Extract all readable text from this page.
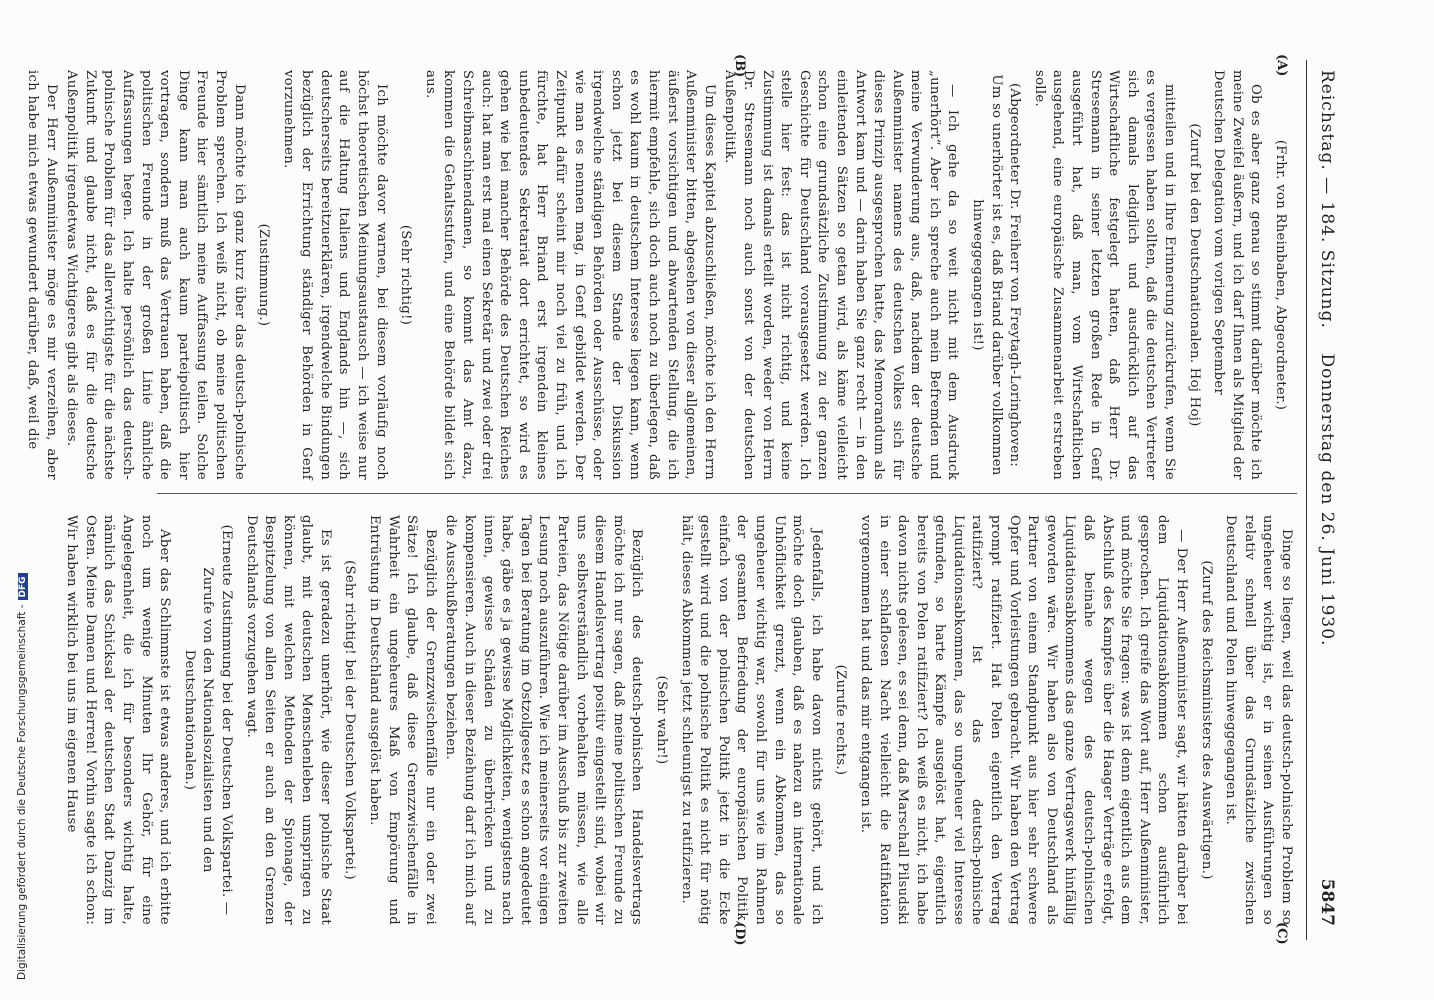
Reichstag. — 184. Sitzung.
Donnerstag den 26. Juni 1930.
5847

(Frhr. von Rheinbaben, Abgeordneter.)

Ob es aber ganz genau so stimmt darüber möchte ich meine Zweifel äußern, und ich darf Ihnen als Mitglied der Deutschen Delegation vom vorigen September

(Zuruf bei den Deutschnationalen. Hoj Hoj)

mitteilen und in Ihre Erinnerung zurückrufen, wenn Sie es vergessen haben sollten, daß die deutschen Vertreter sich damals lediglich und ausdrücklich auf das Wirtschaftliche festgelegt hatten, daß Herr Dr. Stresemann in seiner letzten großen Rede in Genf ausgeführt hat, daß man, vom Wirtschaftlichen ausgehend, eine europäische Zusammenarbeit erstreben solle.

(Abgeordneter Dr. Freiherr von Freytagh-Loringhoven: Um so unerhörter ist es, daß Briand darüber vollkommen hinweggegangen ist!)

— Ich gehe da so weit nicht mit dem Ausdruck „unerhört“. Aber ich spreche auch mein Befremden und meine Verwunderung aus, daß, nachdem der deutsche Außenminister namens des deutschen Volkes sich für dieses Prinzip ausgesprochen hatte, das Memorandum als Antwort kam und — darin haben Sie ganz recht — in den einleitenden Sätzen so getan wird, als käme vielleicht schon eine grundsätzliche Zustimmung zu der ganzen Geschichte für Deutschland vorausgesetzt werden. Ich stelle hier fest: das ist nicht richtig, und keine Zustimmung ist damals erteilt worden, weder von Herrn Dr. Stresemann noch auch sonst von der deutschen Außenpolitik.

Um dieses Kapitel abzuschließen, möchte ich den Herrn Außenminister bitten, abgesehen von dieser allgemeinen, äußerst vorsichtigen und abwartenden Stellung, die ich hiermit empfehle, sich doch auch noch zu überlegen, daß es wohl kaum in deutschem Interesse liegen kann, wenn schon jetzt bei diesem Stande der Diskussion irgendwelche ständigen Behörden oder Ausschüsse, oder wie man es nennen mag, in Genf gebildet werden. Der Zeitpunkt dafür scheint mir noch viel zu früh, und ich fürchte, hat Herr Briand erst irgendein kleines unbedeutendes Sekretariat dort errichtet, so wird es gehen wie bei mancher Behörde des Deutschen Reiches auch: hat man erst mal einen Sekretär und zwei oder drei Schreibmaschinendamen, so kommt das Amt dazu, kommen die Gehaltsstufen, und eine Behörde bildet sich aus.

(Sehr richtig!)

Ich möchte davor warnen, bei diesem vorläufig noch höchst theoretischen Meinungsaustausch — ich weise nur auf die Haltung Italiens und Englands hin —, sich deutscherseits bereitzuerklären, irgendwelche Bindungen bezüglich der Errichtung ständiger Behörden in Genf vorzunehmen.

(Zustimmung.)

Dann möchte ich ganz kurz über das deutsch-polnische Problem sprechen. Ich weiß nicht, ob meine politischen Freunde hier sämtlich meine Auffassung teilen. Solche Dinge kann man auch kaum parteipolitisch hier vortragen, sondern muß das Vertrauen haben, daß die politischen Freunde in der großen Linie ähnliche Auffassungen hegen. Ich halte persönlich das deutsch-polnische Problem für das allerwichtigste für die nächste Zukunft und glaube nicht, daß es für die deutsche Außenpolitik irgendetwas Wichtigeres gibt als dieses.

Der Herr Außenminister möge es mir verzeihen, aber ich habe mich etwas gewundert darüber, daß, weil die

Dinge so liegen, weil das deutsch-polnische Problem so ungeheuer wichtig ist, er in seinen Ausführungen so relativ schnell über das Grundsätzliche zwischen Deutschland und Polen hinweggegangen ist.

(Zuruf des Reichsministers des Auswärtigen.)

— Der Herr Außenminister sagt, wir hätten darüber bei dem Liquidationsabkommen schon ausführlich gesprochen. Ich greife das Wort auf, Herr Außenminister, und möchte Sie fragen: was ist denn eigentlich aus dem Abschluß des Kampfes über die Haager Verträge erfolgt, daß beinahe wegen des deutsch-polnischen Liquidationsabkommens das ganze Vertragswerk hinfällig geworden wäre. Wir haben also von Deutschland als Partner von einem Standpunkt aus hier sehr schwere Opfer und Vorleistungen gebracht. Wir haben den Vertrag prompt ratifiziert. Hat Polen eigentlich den Vertrag ratifiziert? Ist das deutsch-polnische Liquidationsabkommen, das so ungeheuer viel Interesse gefunden, so harte Kämpfe ausgelöst hat, eigentlich bereits von Polen ratifiziert? Ich weiß es nicht, ich habe davon nichts gelesen, es sei denn, daß Marschall Pilsudski in einer schlaflosen Nacht vielleicht die Ratifikation vorgenommen hat und das mir entgangen ist.

(Zurufe rechts.)

Jedenfalls, ich habe davon nichts gehört, und ich möchte doch glauben, daß es nahezu an internationale Unhöflichkeit grenzt, wenn ein Abkommen, das so ungeheuer wichtig war, sowohl für uns wie im Rahmen der gesamten Befriedung der europäischen Politik, einfach von der polnischen Politik jetzt in die Ecke gestellt wird und die polnische Politik es nicht für nötig hält, dieses Abkommen jetzt schleunigst zu ratifizieren.

(Sehr wahr!)

Bezüglich des deutsch-polnischen Handelsvertrags möchte ich nur sagen, daß meine politischen Freunde zu diesem Handelsvertrag positiv eingestellt sind, wobei wir uns selbstverständlich vorbehalten müssen, wie alle Parteien, das Nötige darüber im Ausschuß bis zur zweiten Lesung noch auszuführen. Wie ich meinerseits vor einigen Tagen bei Beratung im Ostzollgesetz es schon angedeutet habe, gäbe es ja gewisse Möglichkeiten, wenigstens nach innen, gewisse Schäden zu überbrücken und zu kompensieren. Auch in dieser Beziehung darf ich mich auf die Ausschußberatungen beziehen.

Bezüglich der Grenzzwischenfälle nur ein oder zwei Sätze! Ich glaube, daß diese Grenzzwischenfälle in Wahrheit ein ungeheures Maß von Empörung und Entrüstung in Deutschland ausgelöst haben.

(Sehr richtig! bei der Deutschen Volkspartei.)

Es ist geradezu unerhört, wie dieser polnische Staat glaubt, mit deutschen Menschenleben umspringen zu können, mit welchen Methoden der Spionage, der Bespitzelung von allen Seiten er auch an den Grenzen Deutschlands vorzugehen wagt.

(Erneute Zustimmung bei der Deutschen Volkspartei. — Zurufe von den Nationalsozialisten und den Deutschnationalen.)

Aber das Schlimmste ist etwas anderes, und ich erbitte noch um wenige Minuten Ihr Gehör, für eine Angelegenheit, die ich für besonders wichtig halte, nämlich das Schicksal der deutschen Stadt Danzig im Osten. Meine Damen und Herren! Vorhin sagte ich schon: Wir haben wirklich bei uns im eigenen Hause

(A)
(B)
(C)
(D)
Digitalisierung gefördert durch die Deutsche Forschungsgemeinschaft -DFG
